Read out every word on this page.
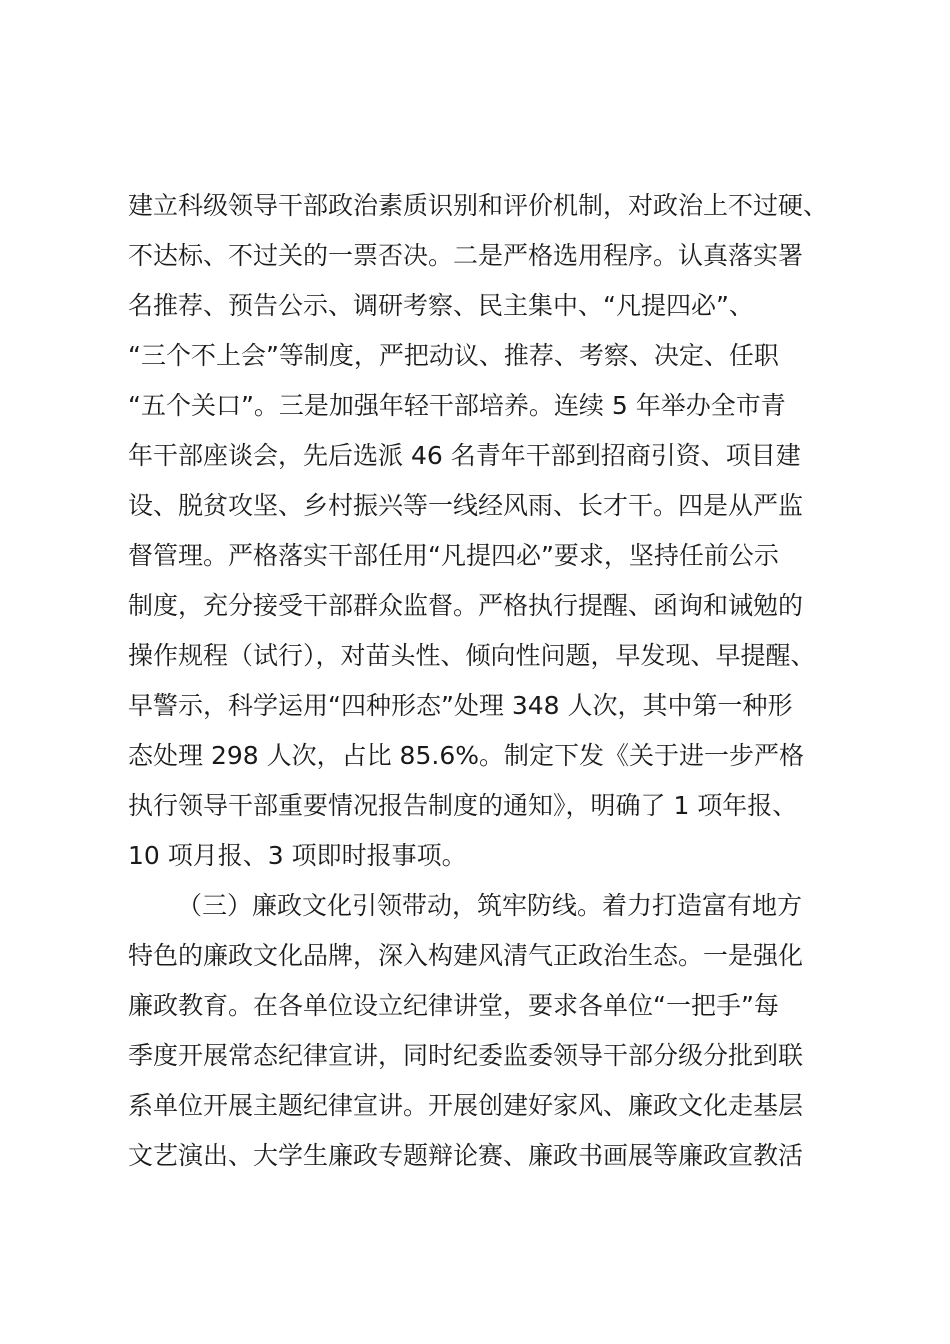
建立科级领导干部政治素质识别和评价机制，对政治上不过硬、
不达标、不过关的一票否决。二是严格选用程序。认真落实署
名推荐、预告公示、调研考察、民主集中、“凡提四必”、
“三个不上会”等制度，严把动议、推荐、考察、决定、任职
“五个关口”。三是加强年轻干部培养。连续 5 年举办全市青
年干部座谈会，先后选派 46 名青年干部到招商引资、项目建
设、脱贫攻坚、乡村振兴等一线经风雨、长才干。四是从严监
督管理。严格落实干部任用“凡提四必”要求，坚持任前公示
制度，充分接受干部群众监督。严格执行提醒、函询和诫勉的
操作规程（试行），对苗头性、倾向性问题，早发现、早提醒、
早警示，科学运用“四种形态”处理 348 人次，其中第一种形
态处理 298 人次，占比 85.6%。制定下发《关于进一步严格
执行领导干部重要情况报告制度的通知》，明确了 1 项年报、
10 项月报、3 项即时报事项。
（三）廉政文化引领带动，筑牢防线。着力打造富有地方
特色的廉政文化品牌，深入构建风清气正政治生态。一是强化
廉政教育。在各单位设立纪律讲堂，要求各单位“一把手”每
季度开展常态纪律宣讲，同时纪委监委领导干部分级分批到联
系单位开展主题纪律宣讲。开展创建好家风、廉政文化走基层
文艺演出、大学生廉政专题辩论赛、廉政书画展等廉政宣教活
